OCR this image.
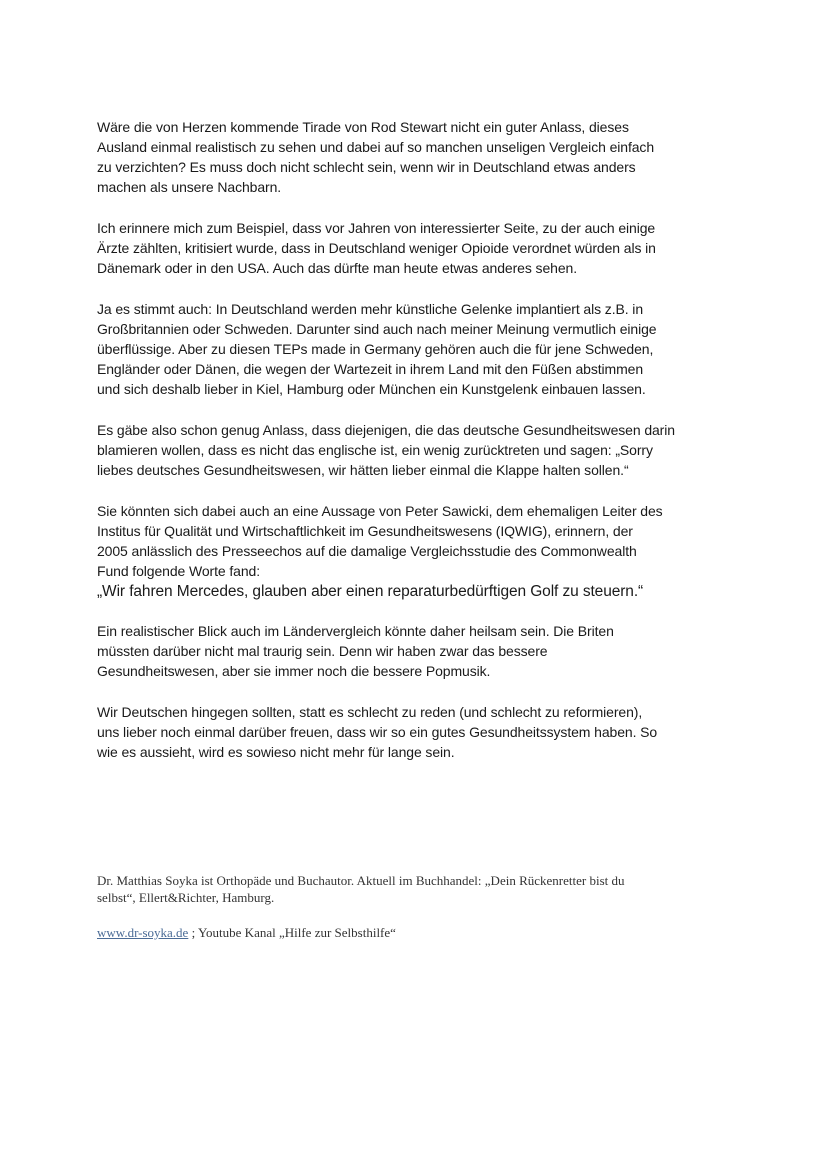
Wäre die von Herzen kommende Tirade von Rod Stewart nicht ein guter Anlass, dieses
Ausland einmal realistisch zu sehen und dabei auf so manchen unseligen Vergleich einfach
zu verzichten? Es muss doch nicht schlecht sein, wenn wir in Deutschland etwas anders
machen als unsere Nachbarn.
Ich erinnere mich zum Beispiel, dass vor Jahren von interessierter Seite, zu der auch einige
Ärzte zählten, kritisiert wurde, dass in Deutschland weniger Opioide verordnet würden als in
Dänemark oder in den USA. Auch das dürfte man heute etwas anderes sehen.
Ja es stimmt auch: In Deutschland werden mehr künstliche Gelenke implantiert als z.B. in
Großbritannien oder Schweden. Darunter sind auch nach meiner Meinung vermutlich einige
überflüssige. Aber zu diesen TEPs made in Germany gehören auch die für jene Schweden,
Engländer oder Dänen, die wegen der Wartezeit in ihrem Land mit den Füßen abstimmen
und sich deshalb lieber in Kiel, Hamburg oder München ein Kunstgelenk einbauen lassen.
Es gäbe also schon genug Anlass, dass diejenigen, die das deutsche Gesundheitswesen darin
blamieren wollen, dass es nicht das englische ist, ein wenig zurücktreten und sagen: „Sorry
liebes deutsches Gesundheitswesen, wir hätten lieber einmal die Klappe halten sollen.“
Sie könnten sich dabei auch an eine Aussage von Peter Sawicki, dem ehemaligen Leiter des
Institus für Qualität und Wirtschaftlichkeit im Gesundheitswesens (IQWIG), erinnern, der
2005 anlässlich des Presseechos auf die damalige Vergleichsstudie des Commonwealth
Fund folgende Worte fand:
„Wir fahren Mercedes, glauben aber einen reparaturbedürftigen Golf zu steuern.“
Ein realistischer Blick auch im Ländervergleich könnte daher heilsam sein. Die Briten
müssten darüber nicht mal traurig sein. Denn wir haben zwar das bessere
Gesundheitswesen, aber sie immer noch die bessere Popmusik.
Wir Deutschen hingegen sollten, statt es schlecht zu reden (und schlecht zu reformieren),
uns lieber noch einmal darüber freuen, dass wir so ein gutes Gesundheitssystem haben. So
wie es aussieht, wird es sowieso nicht mehr für lange sein.
Dr. Matthias Soyka ist Orthopäde und Buchautor. Aktuell im Buchhandel: „Dein Rückenretter bist du
selbst“, Ellert&Richter, Hamburg.
www.dr-soyka.de ; Youtube Kanal „Hilfe zur Selbsthilfe“
